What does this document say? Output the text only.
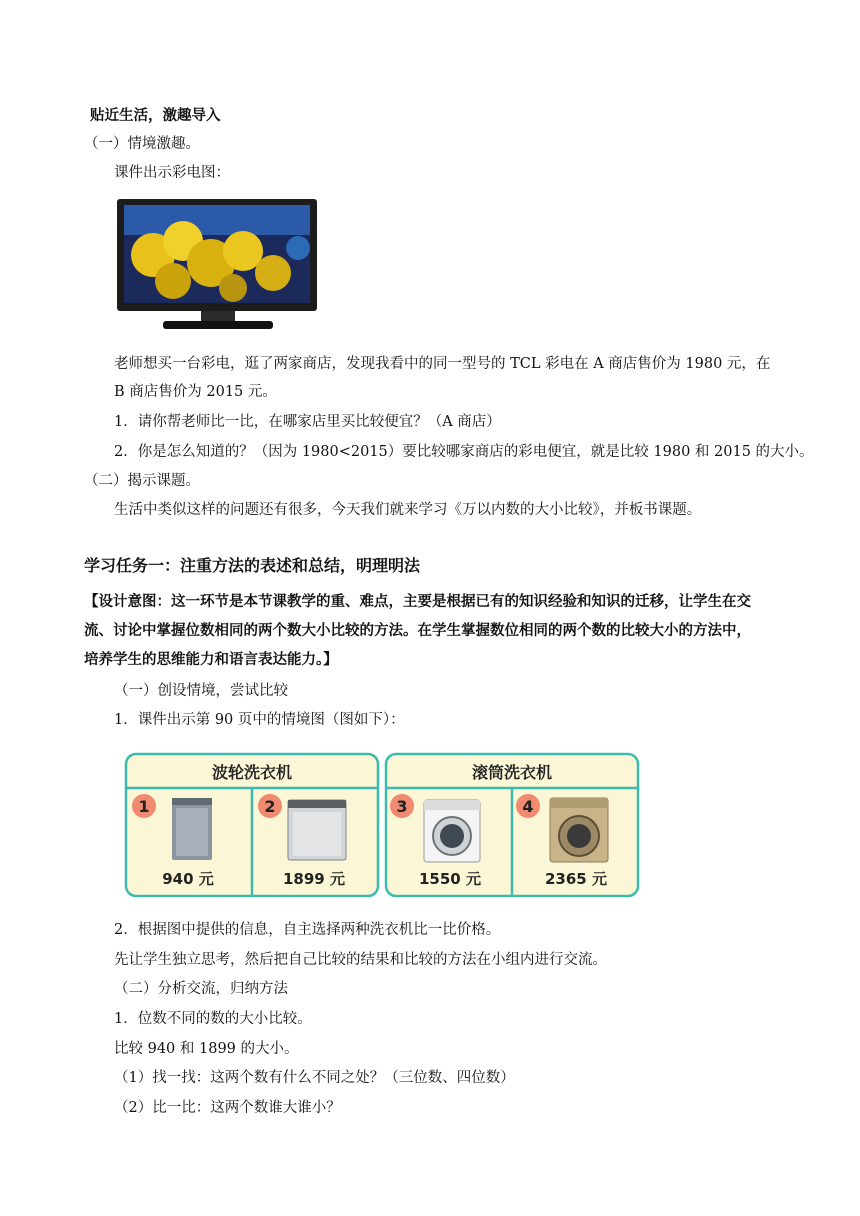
贴近生活，激趣导入
（一）情境激趣。
课件出示彩电图：
老师想买一台彩电，逛了两家商店，发现我看中的同一型号的 TCL 彩电在 A 商店售价为 1980 元，在
B 商店售价为 2015 元。
1．请你帮老师比一比，在哪家店里买比较便宜？（A 商店）
2．你是怎么知道的？（因为 1980<2015）要比较哪家商店的彩电便宜，就是比较 1980 和 2015 的大小。
（二）揭示课题。
生活中类似这样的问题还有很多，今天我们就来学习《万以内数的大小比较》，并板书课题。
学习任务一：注重方法的表述和总结，明理明法
【设计意图：这一环节是本节课教学的重、难点，主要是根据已有的知识经验和知识的迁移，让学生在交
流、讨论中掌握位数相同的两个数大小比较的方法。在学生掌握数位相同的两个数的比较大小的方法中，
培养学生的思维能力和语言表达能力。】
（一）创设情境，尝试比较
1．课件出示第 90 页中的情境图（图如下）：
波轮洗衣机	滚筒洗衣机
1
940 元
2
1899 元
3
1550 元
4
2365 元
2．根据图中提供的信息，自主选择两种洗衣机比一比价格。
先让学生独立思考，然后把自己比较的结果和比较的方法在小组内进行交流。
（二）分析交流，归纳方法
1．位数不同的数的大小比较。
比较 940 和 1899 的大小。
（1）找一找：这两个数有什么不同之处？（三位数、四位数）
（2）比一比：这两个数谁大谁小？
